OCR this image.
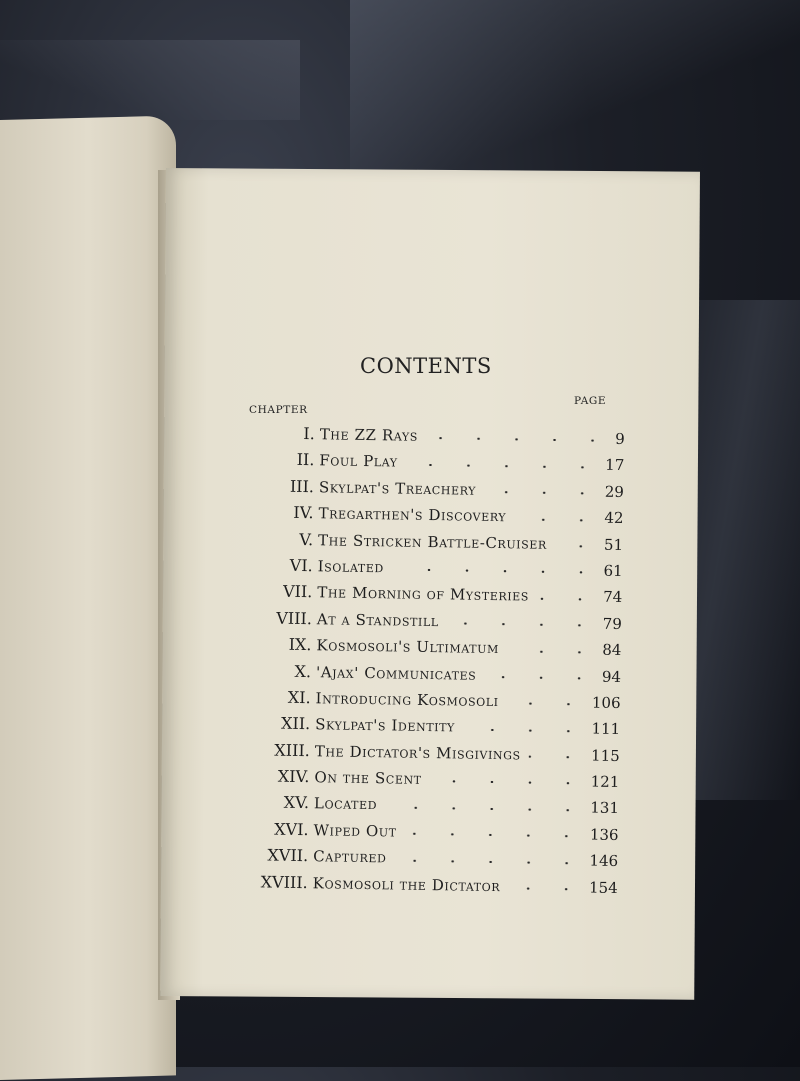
CONTENTS
CHAPTER
PAGE
I. The ZZ Rays	9
II. Foul Play	17
III. Skylpat's Treachery	29
IV. Tregarthen's Discovery	42
V. The Stricken Battle-Cruiser	51
VI. Isolated	61
VII. The Morning of Mysteries	74
VIII. At a Standstill	79
IX. Kosmosoli's Ultimatum	84
X. 'Ajax' Communicates	94
XI. Introducing Kosmosoli	106
XII. Skylpat's Identity	111
XIII. The Dictator's Misgivings	115
XIV. On the Scent	121
XV. Located	131
XVI. Wiped Out	136
XVII. Captured	146
XVIII. Kosmosoli the Dictator	154
